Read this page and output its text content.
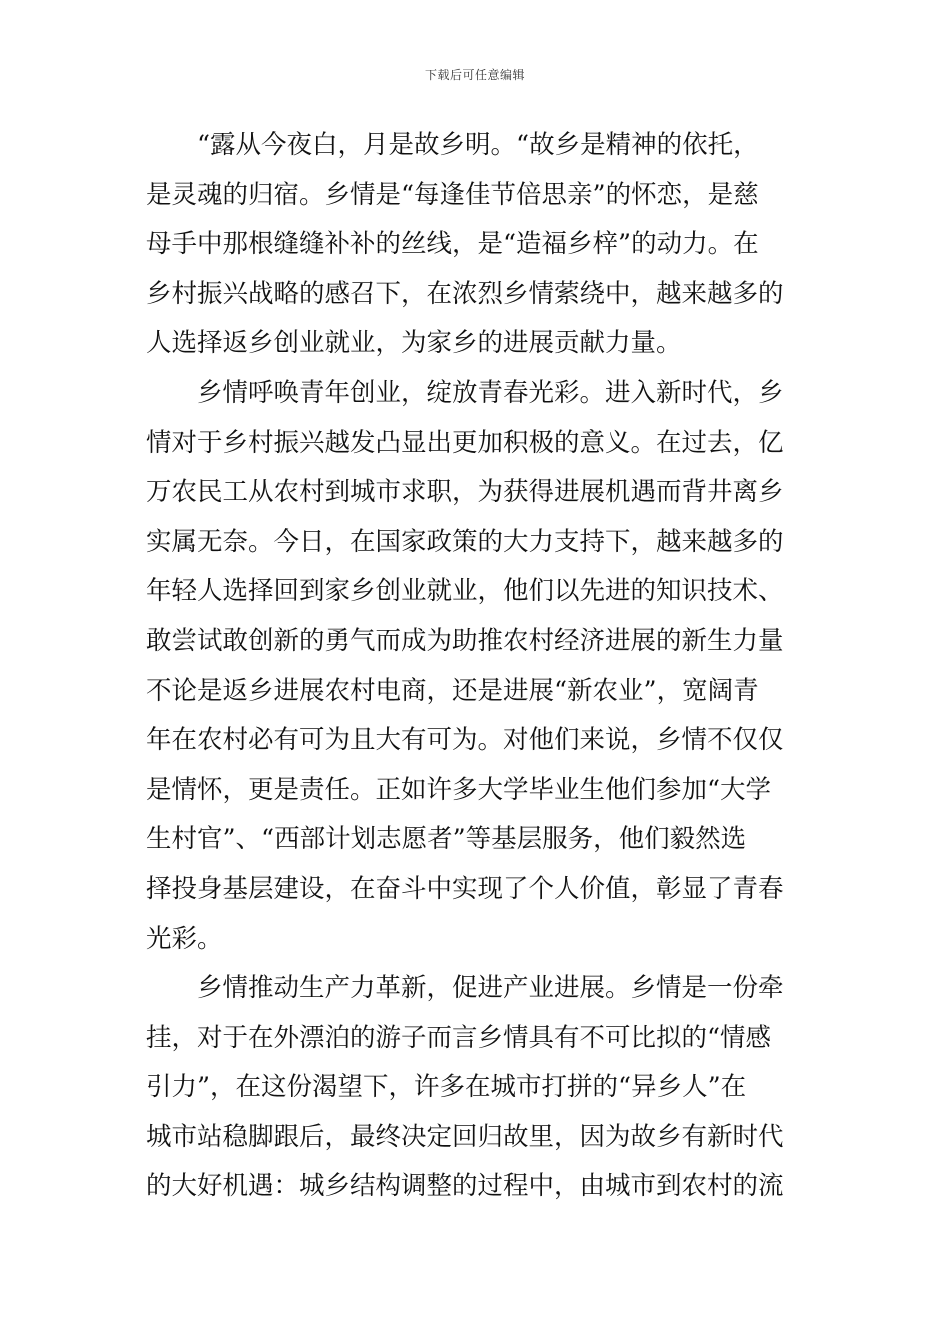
下载后可任意编辑
“露从今夜白，月是故乡明。“故乡是精神的依托，
是灵魂的归宿。乡情是“每逢佳节倍思亲”的怀恋，是慈
母手中那根缝缝补补的丝线，是“造福乡梓”的动力。在
乡村振兴战略的感召下，在浓烈乡情萦绕中，越来越多的
人选择返乡创业就业，为家乡的进展贡献力量。
乡情呼唤青年创业，绽放青春光彩。进入新时代，乡
情对于乡村振兴越发凸显出更加积极的意义。在过去，亿
万农民工从农村到城市求职，为获得进展机遇而背井离乡
实属无奈。今日，在国家政策的大力支持下，越来越多的
年轻人选择回到家乡创业就业，他们以先进的知识技术、
敢尝试敢创新的勇气而成为助推农村经济进展的新生力量
不论是返乡进展农村电商，还是进展“新农业”，宽阔青
年在农村必有可为且大有可为。对他们来说，乡情不仅仅
是情怀，更是责任。正如许多大学毕业生他们参加“大学
生村官”、“西部计划志愿者”等基层服务，他们毅然选
择投身基层建设，在奋斗中实现了个人价值，彰显了青春
光彩。
乡情推动生产力革新，促进产业进展。乡情是一份牵
挂，对于在外漂泊的游子而言乡情具有不可比拟的“情感
引力”，在这份渴望下，许多在城市打拼的“异乡人”在
城市站稳脚跟后，最终决定回归故里，因为故乡有新时代
的大好机遇：城乡结构调整的过程中，由城市到农村的流
